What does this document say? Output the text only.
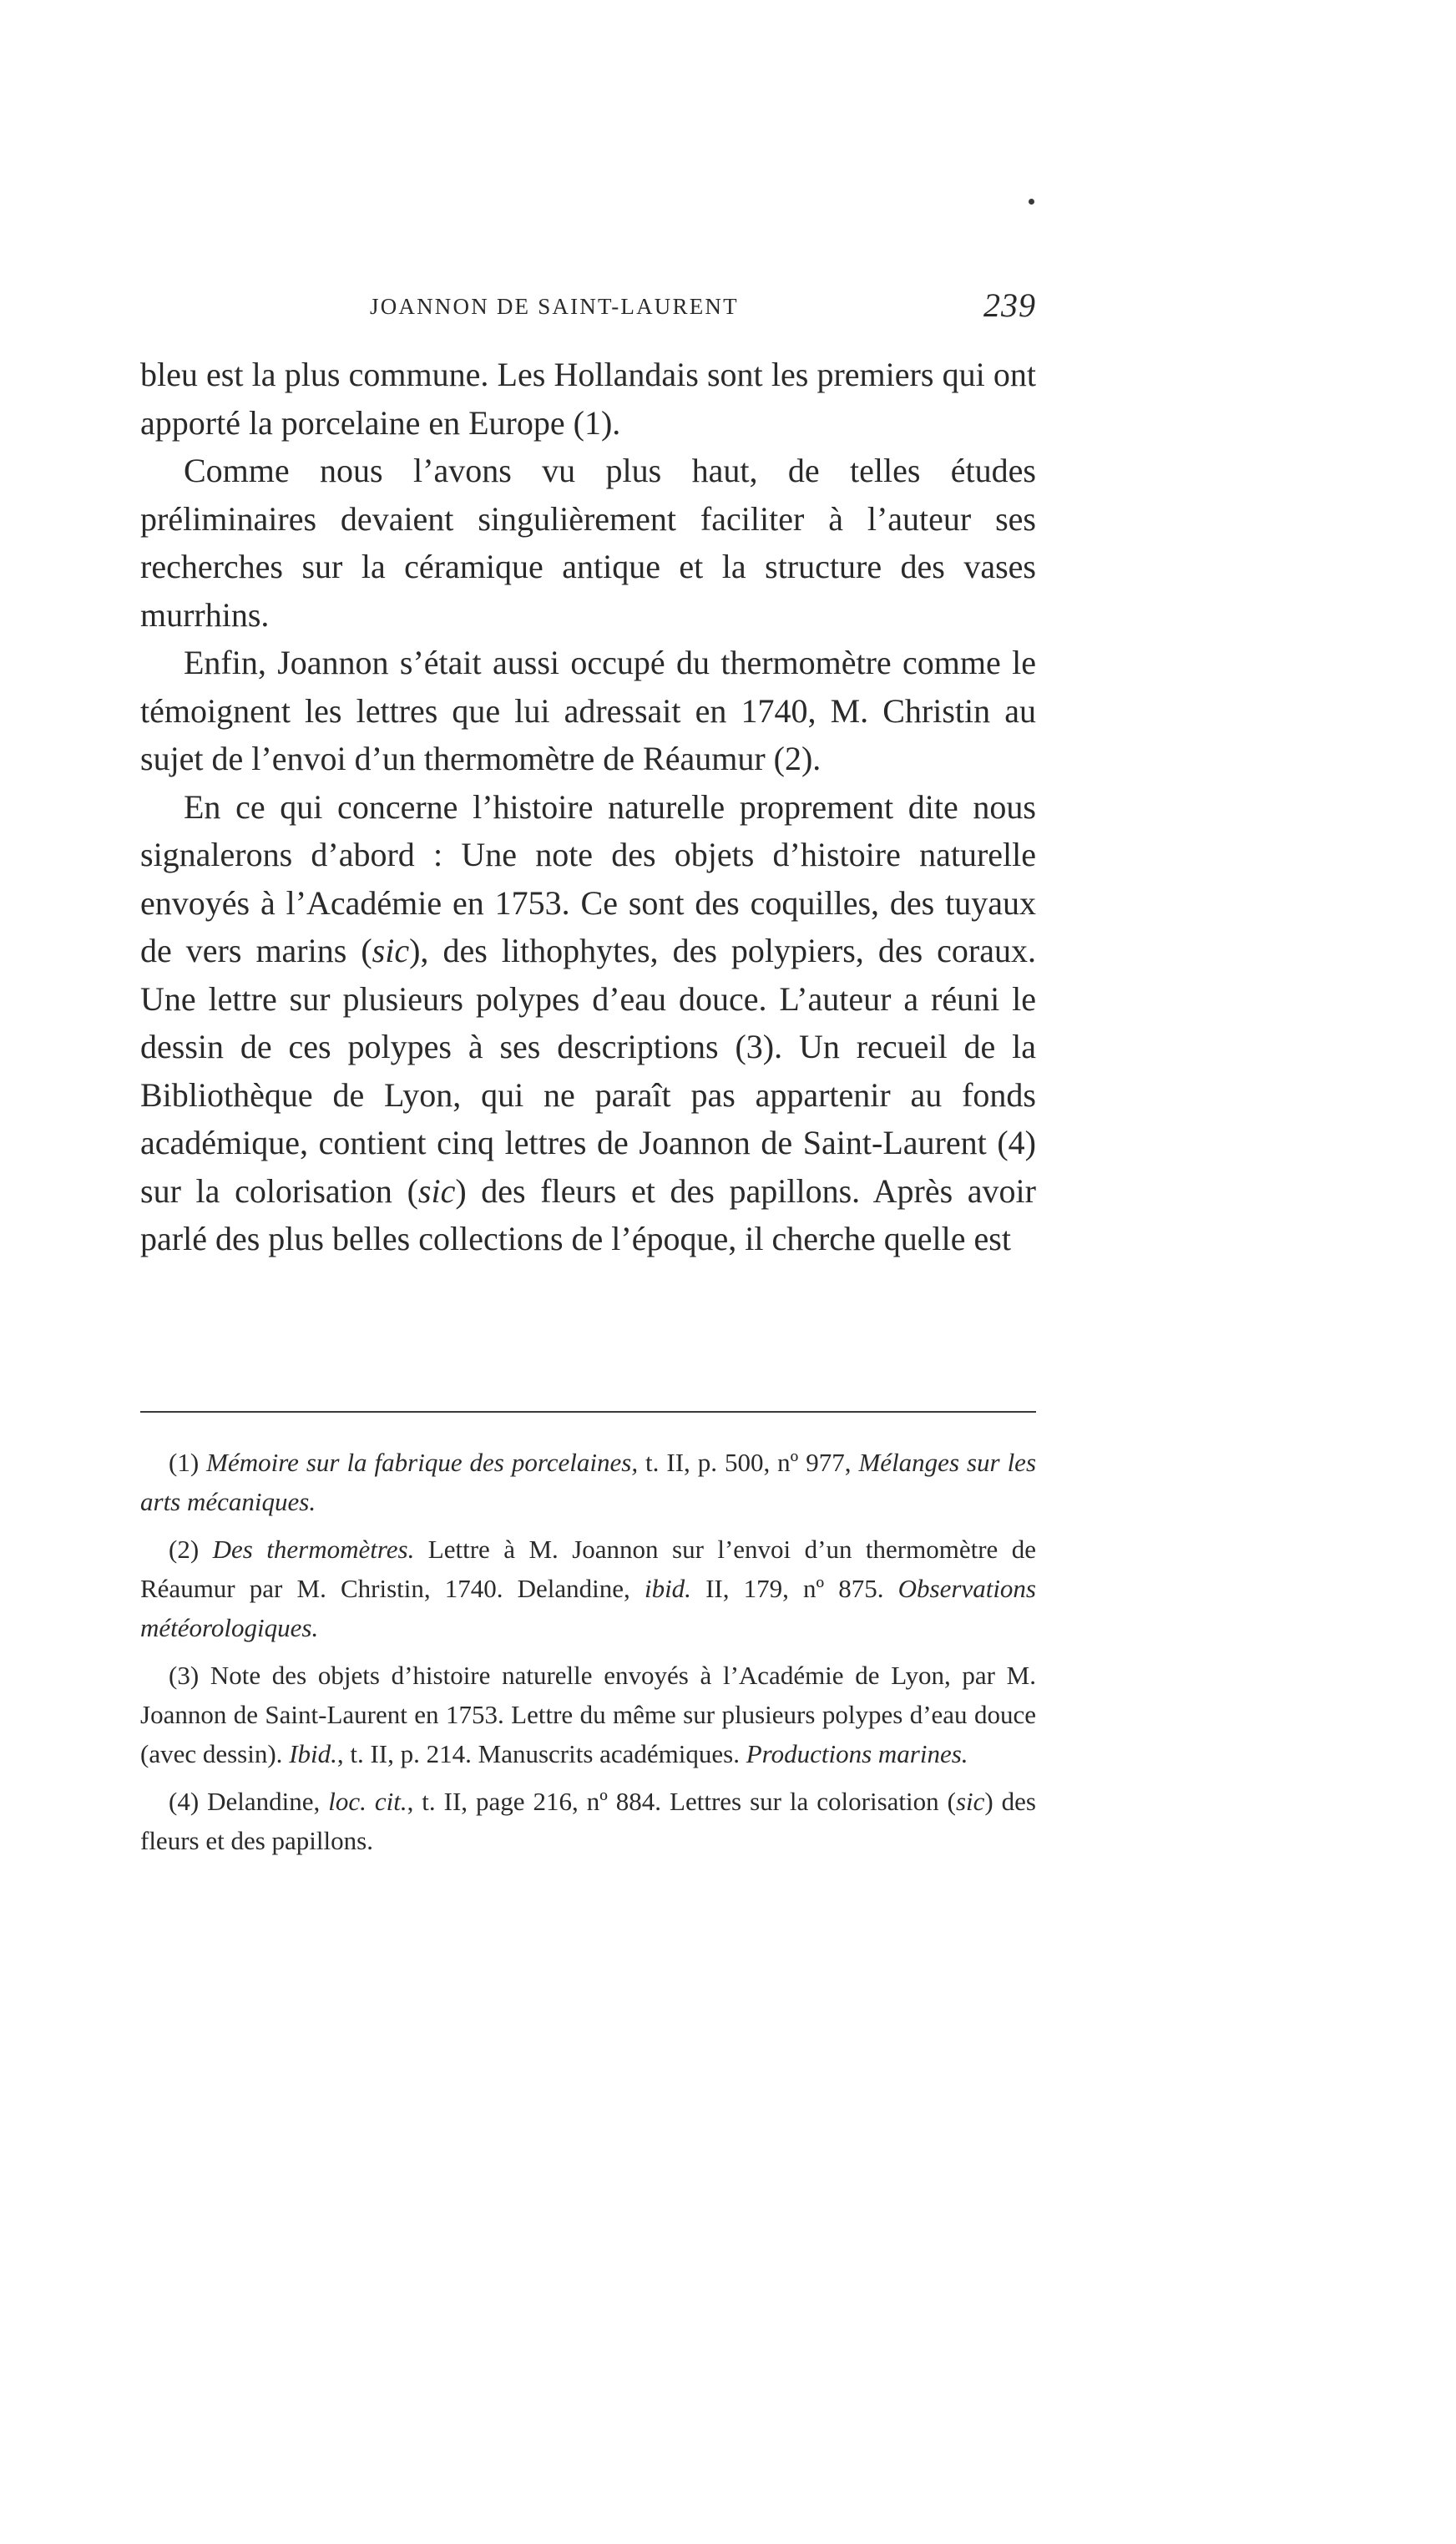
JOANNON DE SAINT-LAURENT	239

bleu est la plus commune. Les Hollandais sont les premiers qui ont apporté la porcelaine en Europe (1).

Comme nous l’avons vu plus haut, de telles études préliminaires devaient singulièrement faciliter à l’auteur ses recherches sur la céramique antique et la structure des vases murrhins.

Enfin, Joannon s’était aussi occupé du thermomètre comme le témoignent les lettres que lui adressait en 1740, M. Christin au sujet de l’envoi d’un thermomètre de Réaumur (2).

En ce qui concerne l’histoire naturelle proprement dite nous signalerons d’abord : Une note des objets d’histoire naturelle envoyés à l’Académie en 1753. Ce sont des coquilles, des tuyaux de vers marins (sic), des lithophytes, des polypiers, des coraux. Une lettre sur plusieurs polypes d’eau douce. L’auteur a réuni le dessin de ces polypes à ses descriptions (3). Un recueil de la Bibliothèque de Lyon, qui ne paraît pas appartenir au fonds académique, contient cinq lettres de Joannon de Saint-Laurent (4) sur la colorisation (sic) des fleurs et des papillons. Après avoir parlé des plus belles collections de l’époque, il cherche quelle est

(1) Mémoire sur la fabrique des porcelaines, t. II, p. 500, nº 977, Mélanges sur les arts mécaniques.

(2) Des thermomètres. Lettre à M. Joannon sur l’envoi d’un thermomètre de Réaumur par M. Christin, 1740. Delandine, ibid. II, 179, nº 875. Observations météorologiques.

(3) Note des objets d’histoire naturelle envoyés à l’Académie de Lyon, par M. Joannon de Saint-Laurent en 1753. Lettre du même sur plusieurs polypes d’eau douce (avec dessin). Ibid., t. II, p. 214. Manuscrits académiques. Productions marines.

(4) Delandine, loc. cit., t. II, page 216, nº 884. Lettres sur la colorisation (sic) des fleurs et des papillons.
